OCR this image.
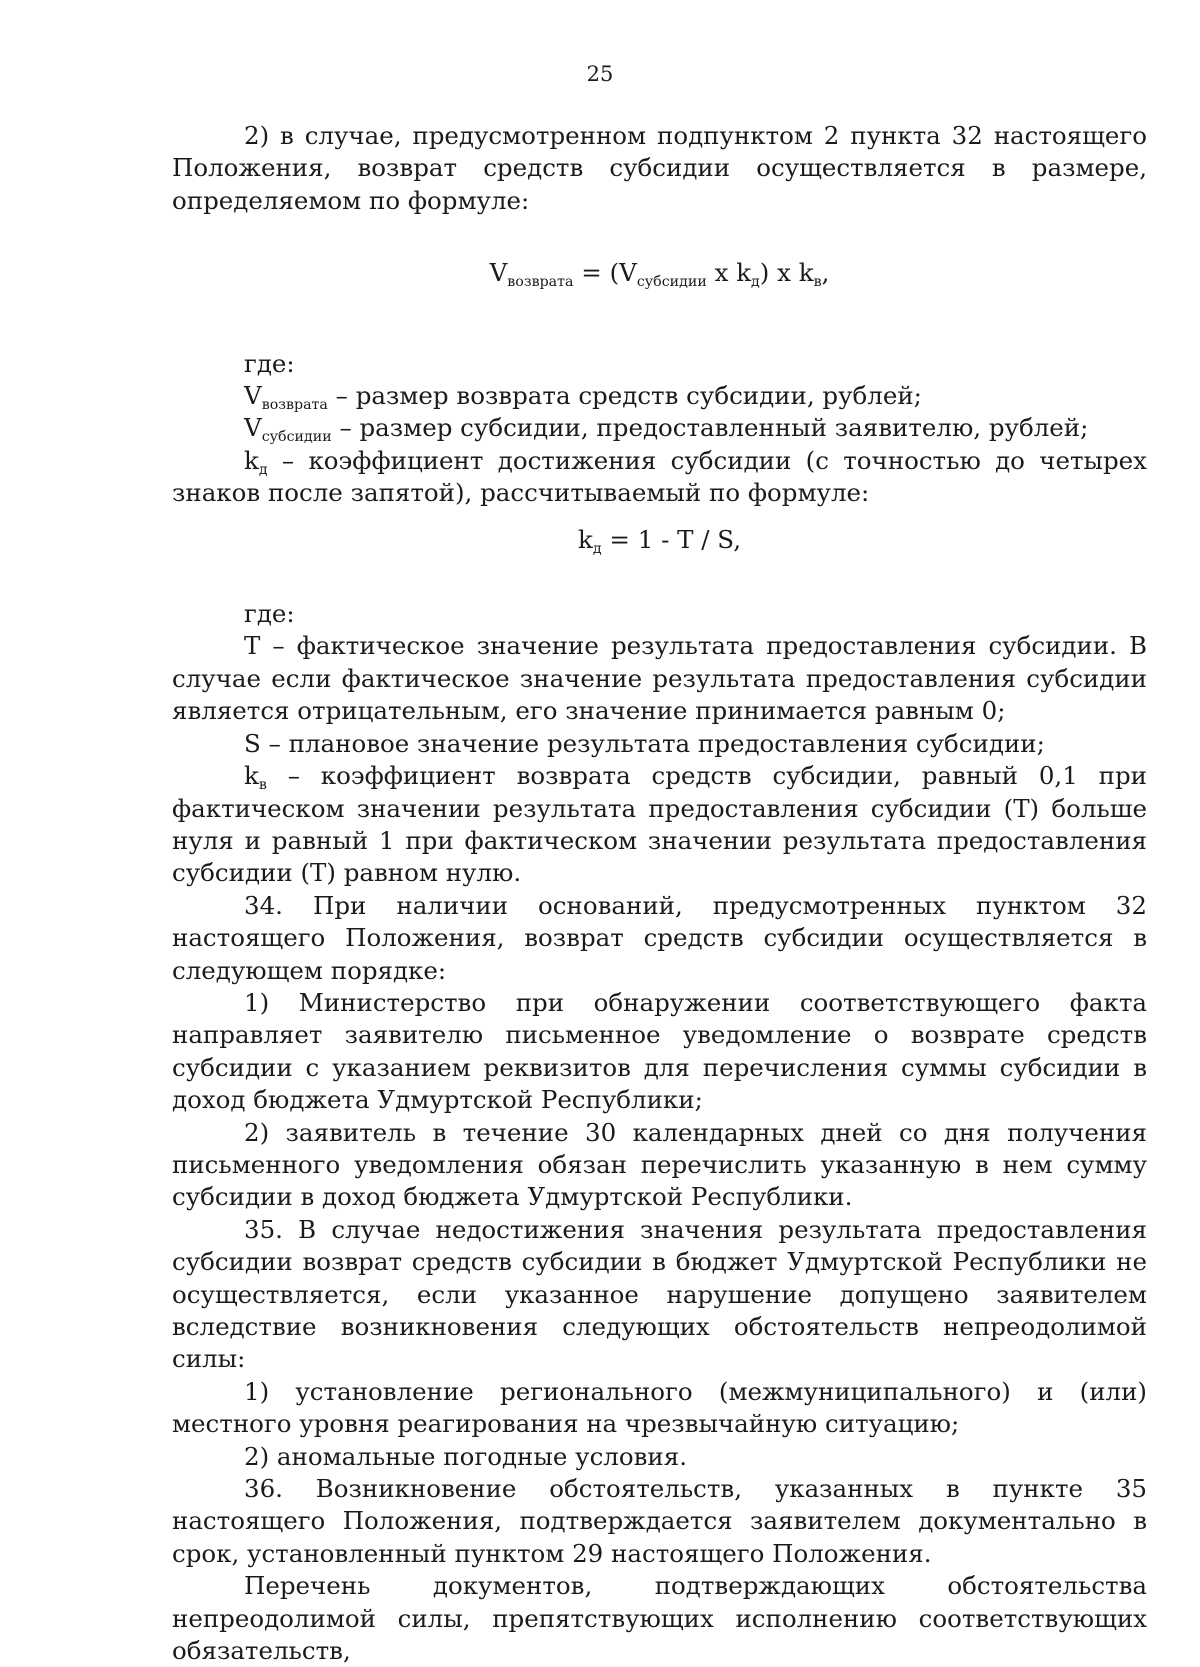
25

2) в случае, предусмотренном подпунктом 2 пункта 32 настоящего Положения, возврат средств субсидии осуществляется в размере, определяемом по формуле:

$V_{возврата} = (V_{субсидии}$ x $k_д$) x $k_в$,

где:

$V_{возврата}$ – размер возврата средств субсидии, рублей;

$V_{субсидии}$ – размер субсидии, предоставленный заявителю, рублей;

$k_д$ – коэффициент достижения субсидии (с точностью до четырех знаков после запятой), рассчитываемый по формуле:

$k_д = 1 - T / S$,

где:

T – фактическое значение результата предоставления субсидии. В случае если фактическое значение результата предоставления субсидии является отрицательным, его значение принимается равным 0;

S – плановое значение результата предоставления субсидии;

$k_в$ – коэффициент возврата средств субсидии, равный 0,1 при фактическом значении результата предоставления субсидии (T) больше нуля и равный 1 при фактическом значении результата предоставления субсидии (T) равном нулю.

34. При наличии оснований, предусмотренных пунктом 32 настоящего Положения, возврат средств субсидии осуществляется в следующем порядке:

1) Министерство при обнаружении соответствующего факта направляет заявителю письменное уведомление о возврате средств субсидии с указанием реквизитов для перечисления суммы субсидии в доход бюджета Удмуртской Республики;

2) заявитель в течение 30 календарных дней со дня получения письменного уведомления обязан перечислить указанную в нем сумму субсидии в доход бюджета Удмуртской Республики.

35. В случае недостижения значения результата предоставления субсидии возврат средств субсидии в бюджет Удмуртской Республики не осуществляется, если указанное нарушение допущено заявителем вследствие возникновения следующих обстоятельств непреодолимой силы:

1) установление регионального (межмуниципального) и (или) местного уровня реагирования на чрезвычайную ситуацию;

2) аномальные погодные условия.

36. Возникновение обстоятельств, указанных в пункте 35 настоящего Положения, подтверждается заявителем документально в срок, установленный пунктом 29 настоящего Положения.

Перечень документов, подтверждающих обстоятельства непреодолимой силы, препятствующих исполнению соответствующих обязательств,
